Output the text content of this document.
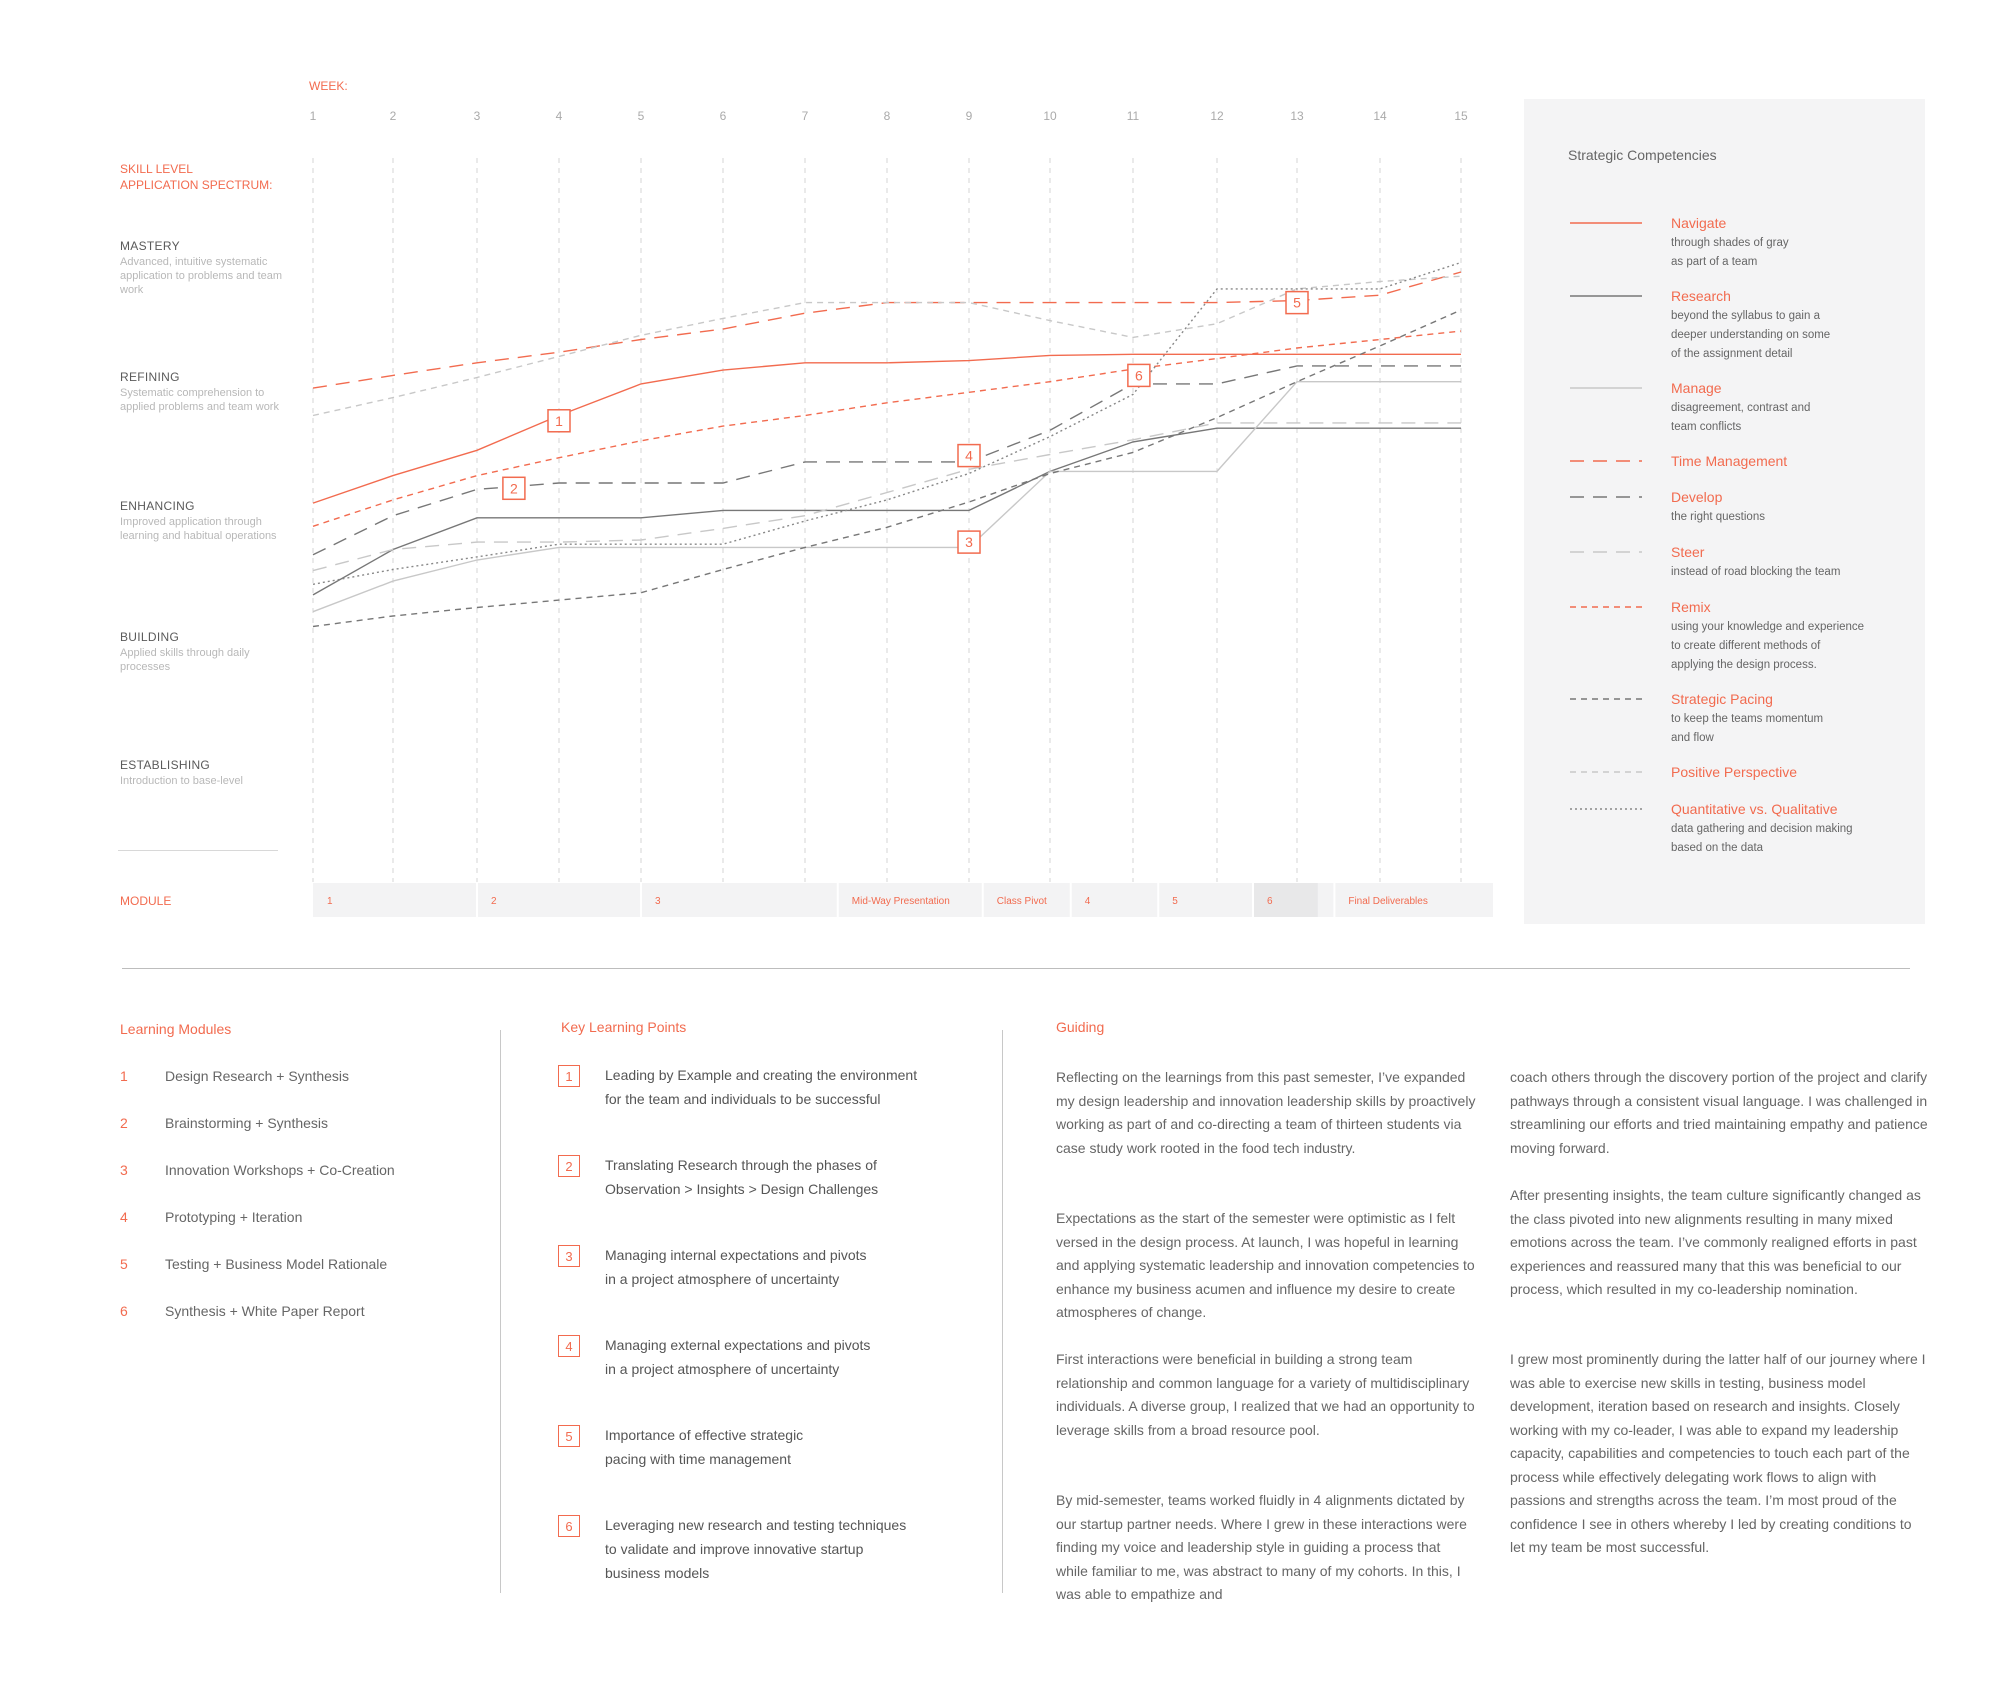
WEEK:
SKILL LEVEL
APPLICATION SPECTRUM:
MASTERY
Advanced, intuitive systematic application to problems and team work
REFINING
Systematic comprehension to applied problems and team work
ENHANCING
Improved application through learning and habitual operations
BUILDING
Applied skills through daily processes
ESTABLISHING
Introduction to base-level
MODULE
1	2	3	4	5	6	7	8	9	10	11	12	13	14	15
1	2	3	Mid-Way Presentation	Class Pivot	4	5	6	Final Deliverables
1
2
3
4
5
6
Strategic Competencies
Navigate
through shades of gray
as part of a team
Research
beyond the syllabus to gain a
deeper understanding on some
of the assignment detail
Manage
disagreement, contrast and
team conflicts
Time Management
Develop
the right questions
Steer
instead of road blocking the team
Remix
using your knowledge and experience
to create different methods of
applying the design process.
Strategic Pacing
to keep the teams momentum
and flow
Positive Perspective
Quantitative vs. Qualitative
data gathering and decision making
based on the data
Learning Modules
1	Design Research + Synthesis
2	Brainstorming + Synthesis
3	Innovation Workshops + Co-Creation
4	Prototyping + Iteration
5	Testing + Business Model Rationale
6	Synthesis + White Paper Report
Key Learning Points
1	Leading by Example and creating the environment
for the team and individuals to be successful
2	Translating Research through the phases of
Observation > Insights > Design Challenges
3	Managing internal expectations and pivots
in a project atmosphere of uncertainty
4	Managing external expectations and pivots
in a project atmosphere of uncertainty
5	Importance of effective strategic
pacing with time management
6	Leveraging new research and testing techniques
to validate and improve innovative startup
business models
Guiding
Reflecting on the learnings from this past semester, I’ve expanded my design leadership and innovation leadership skills by proactively working as part of and co-directing a team of thirteen students via case study work rooted in the food tech industry.
Expectations as the start of the semester were optimistic as I felt versed in the design process. At launch, I was hopeful in learning and applying systematic leadership and innovation competencies to enhance my business acumen and influence my desire to create atmospheres of change.
First interactions were beneficial in building a strong team relationship and common language for a variety of multidisciplinary individuals. A diverse group, I realized that we had an opportunity to leverage skills from a broad resource pool.
By mid-semester, teams worked fluidly in 4 alignments dictated by our startup partner needs. Where I grew in these interactions were finding my voice and leadership style in guiding a process that while familiar to me, was abstract to many of my cohorts. In this, I was able to empathize and
coach others through the discovery portion of the project and clarify pathways through a consistent visual language. I was challenged in streamlining our efforts and tried maintaining empathy and patience moving forward.
After presenting insights, the team culture significantly changed as the class pivoted into new alignments resulting in many mixed emotions across the team. I’ve commonly realigned efforts in past experiences and reassured many that this was beneficial to our process, which resulted in my co-leadership nomination.
I grew most prominently during the latter half of our journey where I was able to exercise new skills in testing, business model development, iteration based on research and insights. Closely working with my co-leader, I was able to expand my leadership capacity, capabilities and competencies to touch each part of the process while effectively delegating work flows to align with passions and strengths across the team. I’m most proud of the confidence I see in others whereby I led by creating conditions to let my team be most successful.
